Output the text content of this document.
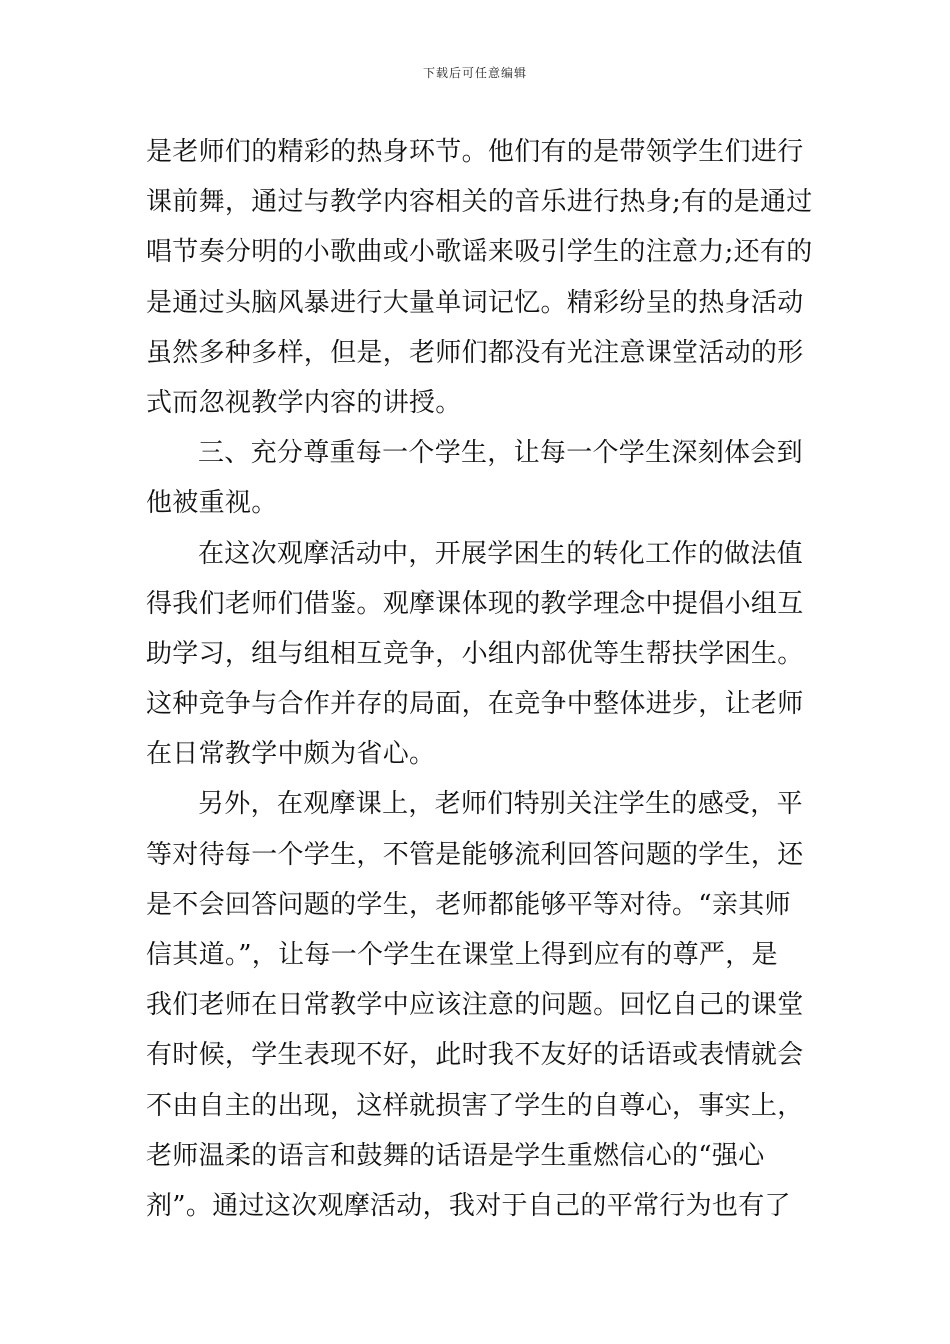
下载后可任意编辑
是老师们的精彩的热身环节。他们有的是带领学生们进行
课前舞，通过与教学内容相关的音乐进行热身;有的是通过
唱节奏分明的小歌曲或小歌谣来吸引学生的注意力;还有的
是通过头脑风暴进行大量单词记忆。精彩纷呈的热身活动
虽然多种多样，但是，老师们都没有光注意课堂活动的形
式而忽视教学内容的讲授。
三、充分尊重每一个学生，让每一个学生深刻体会到
他被重视。
在这次观摩活动中，开展学困生的转化工作的做法值
得我们老师们借鉴。观摩课体现的教学理念中提倡小组互
助学习，组与组相互竞争，小组内部优等生帮扶学困生。
这种竞争与合作并存的局面，在竞争中整体进步，让老师
在日常教学中颇为省心。
另外，在观摩课上，老师们特别关注学生的感受，平
等对待每一个学生，不管是能够流利回答问题的学生，还
是不会回答问题的学生，老师都能够平等对待。“亲其师
信其道。”，让每一个学生在课堂上得到应有的尊严，是
我们老师在日常教学中应该注意的问题。回忆自己的课堂
有时候，学生表现不好，此时我不友好的话语或表情就会
不由自主的出现，这样就损害了学生的自尊心，事实上，
老师温柔的语言和鼓舞的话语是学生重燃信心的“强心
剂”。通过这次观摩活动，我对于自己的平常行为也有了
